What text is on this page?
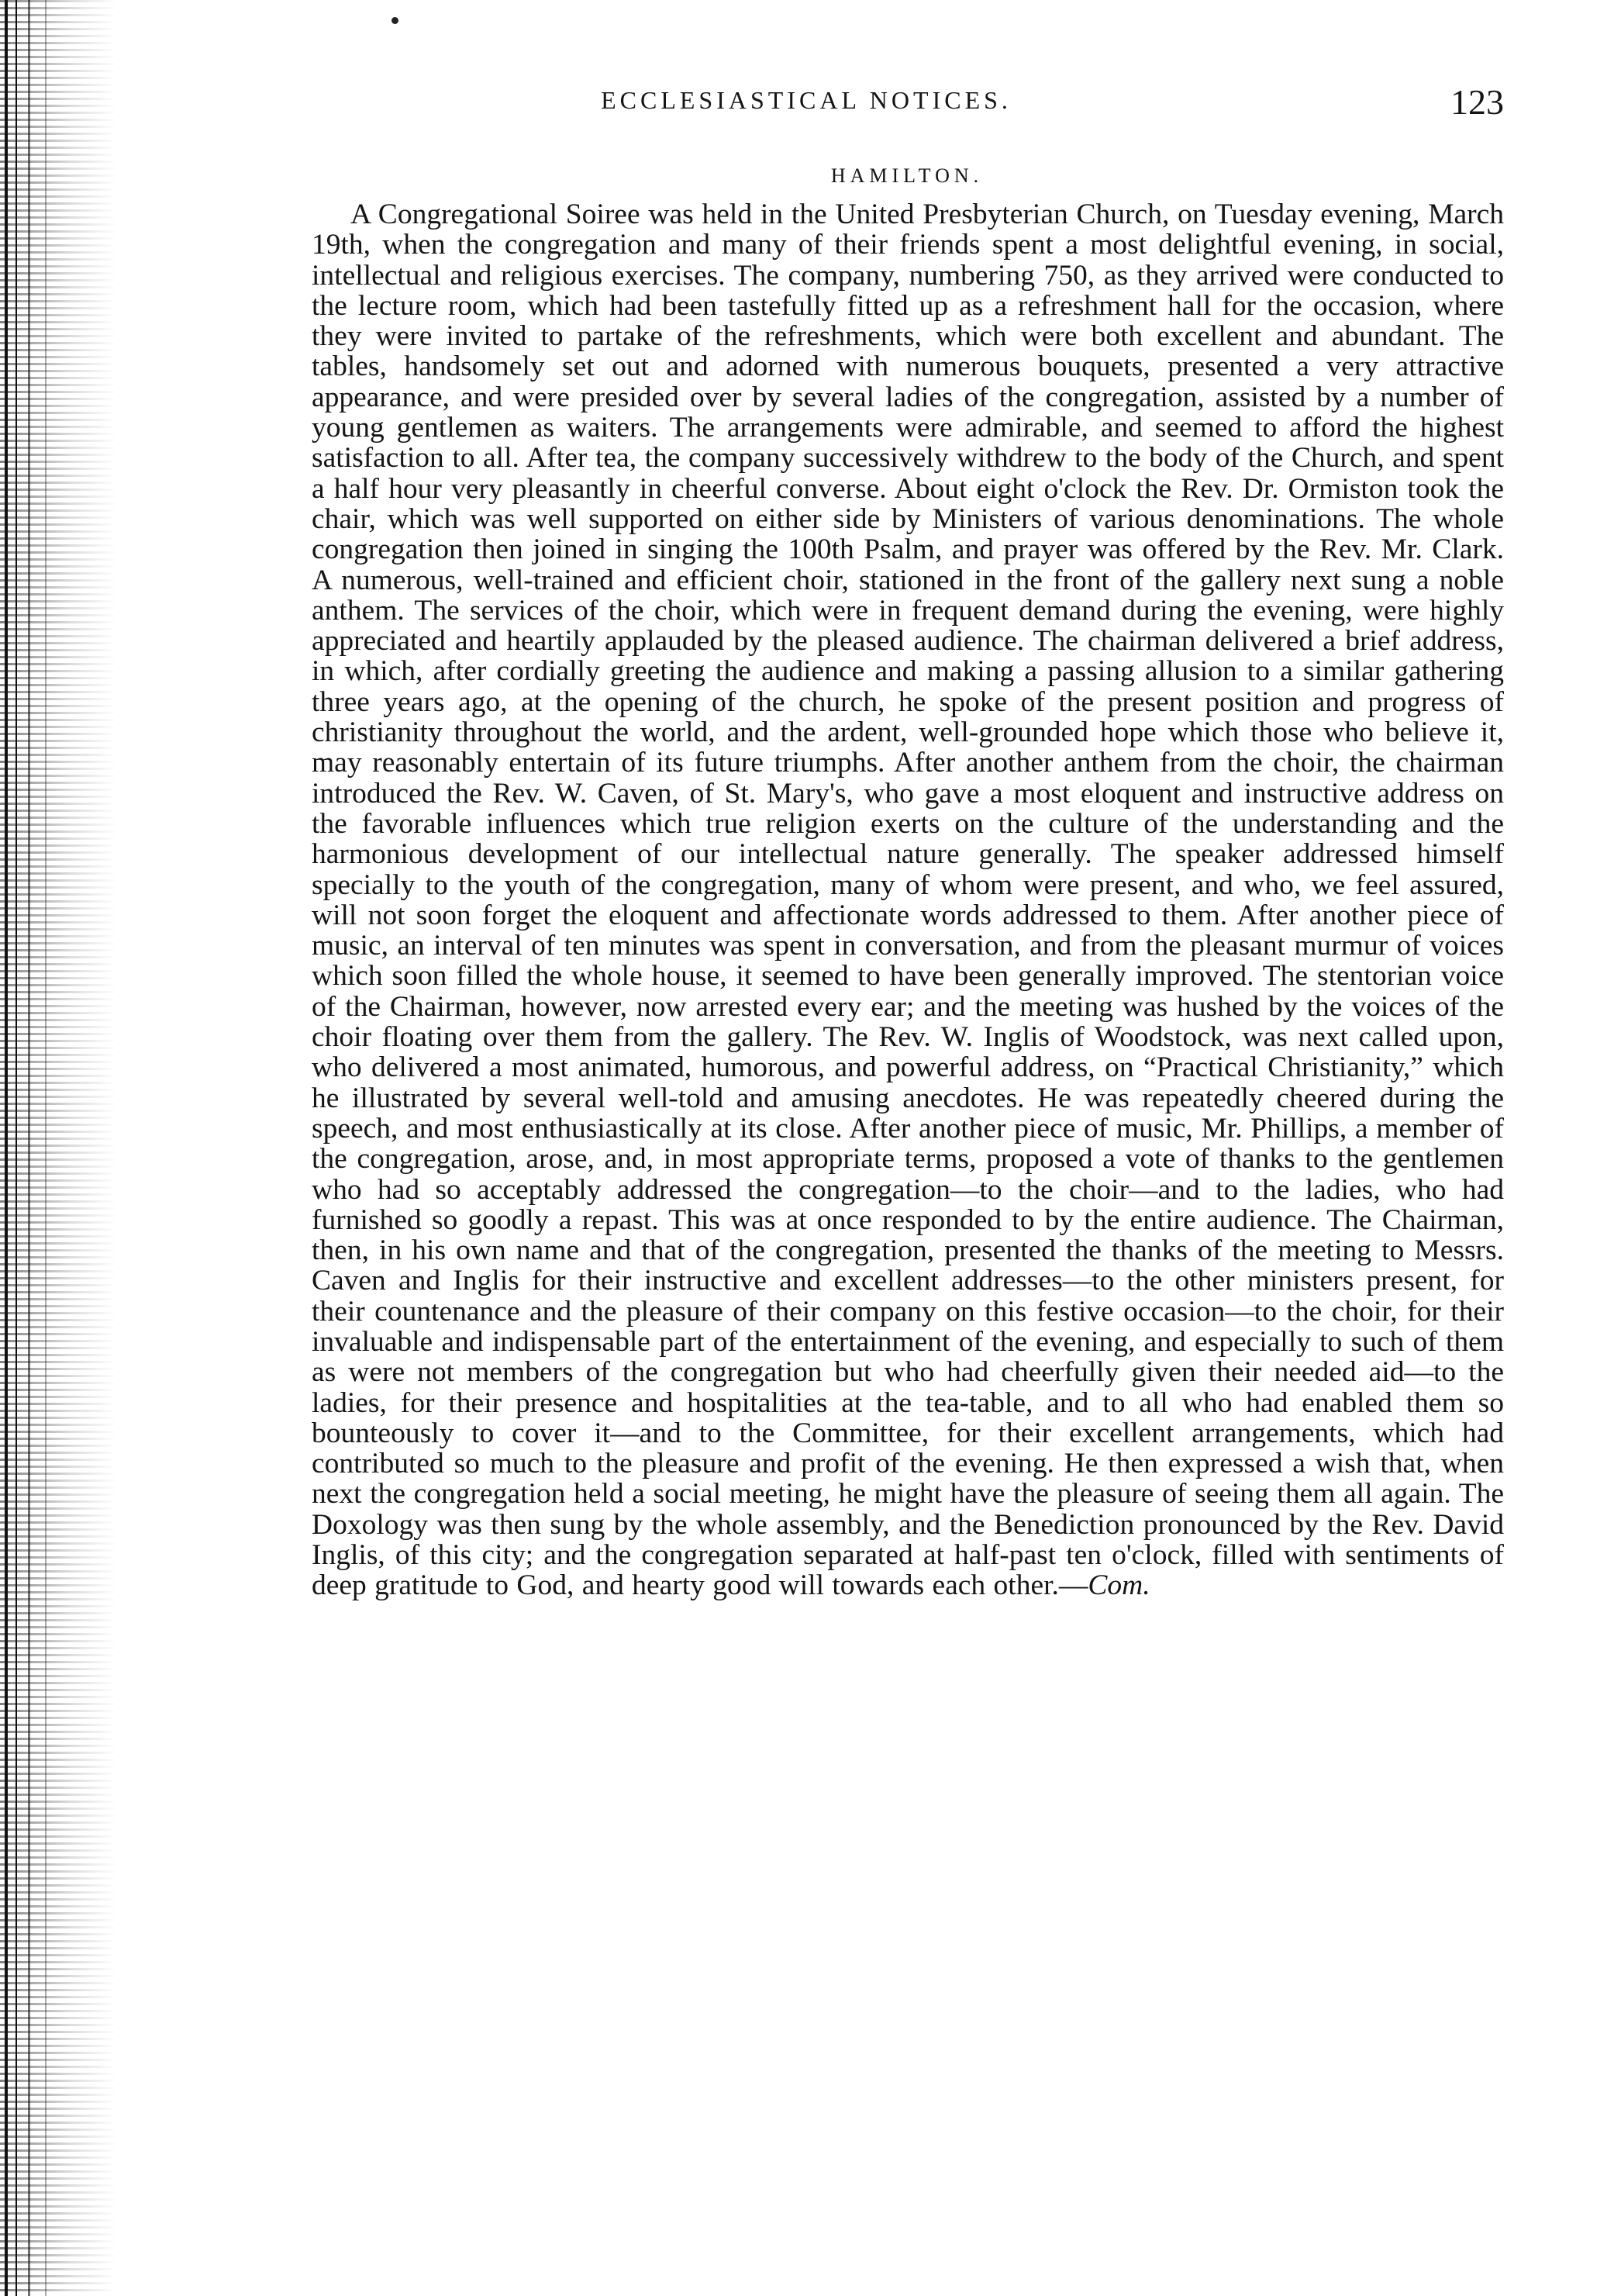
ECCLESIASTICAL NOTICES.	123
HAMILTON.

A Congregational Soiree was held in the United Presbyterian Church, on Tuesday evening, March 19th, when the congregation and many of their friends spent a most delightful evening, in social, intellectual and religious exercises. The company, numbering 750, as they arrived were conducted to the lecture room, which had been tastefully fitted up as a refreshment hall for the occasion, where they were invited to partake of the refreshments, which were both excellent and abundant. The tables, handsomely set out and adorned with numerous bouquets, presented a very attractive appearance, and were presided over by several ladies of the congregation, assisted by a number of young gentlemen as waiters. The arrangements were admirable, and seemed to afford the highest satisfaction to all. After tea, the company successively withdrew to the body of the Church, and spent a half hour very pleasantly in cheerful converse. About eight o'clock the Rev. Dr. Ormiston took the chair, which was well supported on either side by Ministers of various denominations. The whole congregation then joined in singing the 100th Psalm, and prayer was offered by the Rev. Mr. Clark. A numerous, well-trained and efficient choir, stationed in the front of the gallery next sung a noble anthem. The services of the choir, which were in frequent demand during the evening, were highly appreciated and heartily applauded by the pleased audience. The chairman delivered a brief address, in which, after cordially greeting the audience and making a passing allusion to a similar gathering three years ago, at the opening of the church, he spoke of the present position and progress of christianity throughout the world, and the ardent, well-grounded hope which those who believe it, may reasonably entertain of its future triumphs. After another anthem from the choir, the chairman introduced the Rev. W. Caven, of St. Mary's, who gave a most eloquent and instructive address on the favorable influences which true religion exerts on the culture of the understanding and the harmonious development of our intellectual nature generally. The speaker addressed himself specially to the youth of the congregation, many of whom were present, and who, we feel assured, will not soon forget the eloquent and affectionate words addressed to them. After another piece of music, an interval of ten minutes was spent in conversation, and from the pleasant murmur of voices which soon filled the whole house, it seemed to have been generally improved. The stentorian voice of the Chairman, however, now arrested every ear; and the meeting was hushed by the voices of the choir floating over them from the gallery. The Rev. W. Inglis of Woodstock, was next called upon, who delivered a most animated, humorous, and powerful address, on “Practical Christianity,” which he illustrated by several well-told and amusing anecdotes. He was repeatedly cheered during the speech, and most enthusiastically at its close. After another piece of music, Mr. Phillips, a member of the congregation, arose, and, in most appropriate terms, proposed a vote of thanks to the gentlemen who had so acceptably addressed the congregation—to the choir—and to the ladies, who had furnished so goodly a repast. This was at once responded to by the entire audience. The Chairman, then, in his own name and that of the congregation, presented the thanks of the meeting to Messrs. Caven and Inglis for their instructive and excellent addresses—to the other ministers present, for their countenance and the pleasure of their company on this festive occasion—to the choir, for their invaluable and indispensable part of the entertainment of the evening, and especially to such of them as were not members of the congregation but who had cheerfully given their needed aid—to the ladies, for their presence and hospitalities at the tea-table, and to all who had enabled them so bounteously to cover it—and to the Committee, for their excellent arrangements, which had contributed so much to the pleasure and profit of the evening. He then expressed a wish that, when next the congregation held a social meeting, he might have the pleasure of seeing them all again. The Doxology was then sung by the whole assembly, and the Benediction pronounced by the Rev. David Inglis, of this city; and the congregation separated at half-past ten o'clock, filled with sentiments of deep gratitude to God, and hearty good will towards each other.—Com.
